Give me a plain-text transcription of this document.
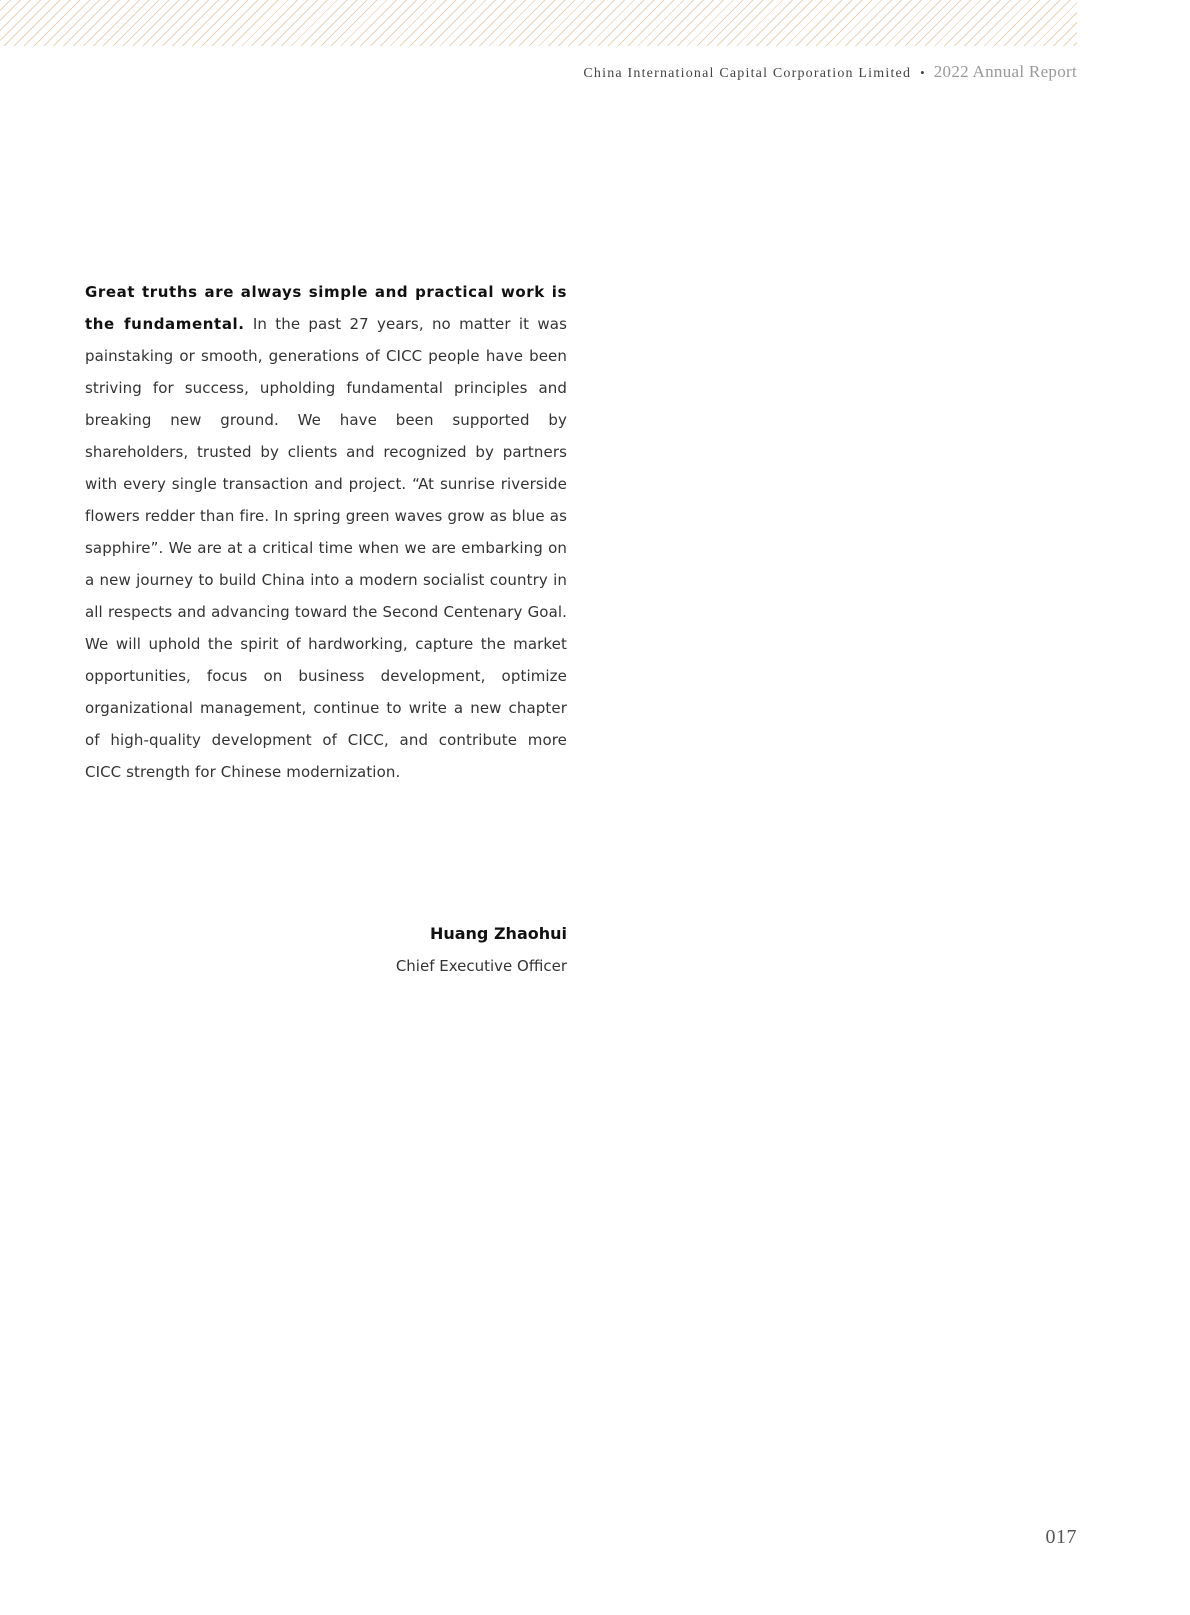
China International Capital Corporation Limited • 2022 Annual Report

Great truths are always simple and practical work is the fundamental. In the past 27 years, no matter it was painstaking or smooth, generations of CICC people have been striving for success, upholding fundamental principles and breaking new ground. We have been supported by shareholders, trusted by clients and recognized by partners with every single transaction and project. “At sunrise riverside flowers redder than fire. In spring green waves grow as blue as sapphire”. We are at a critical time when we are embarking on a new journey to build China into a modern socialist country in all respects and advancing toward the Second Centenary Goal. We will uphold the spirit of hardworking, capture the market opportunities, focus on business development, optimize organizational management, continue to write a new chapter of high-quality development of CICC, and contribute more CICC strength for Chinese modernization.

Huang Zhaohui
Chief Executive Officer
017
